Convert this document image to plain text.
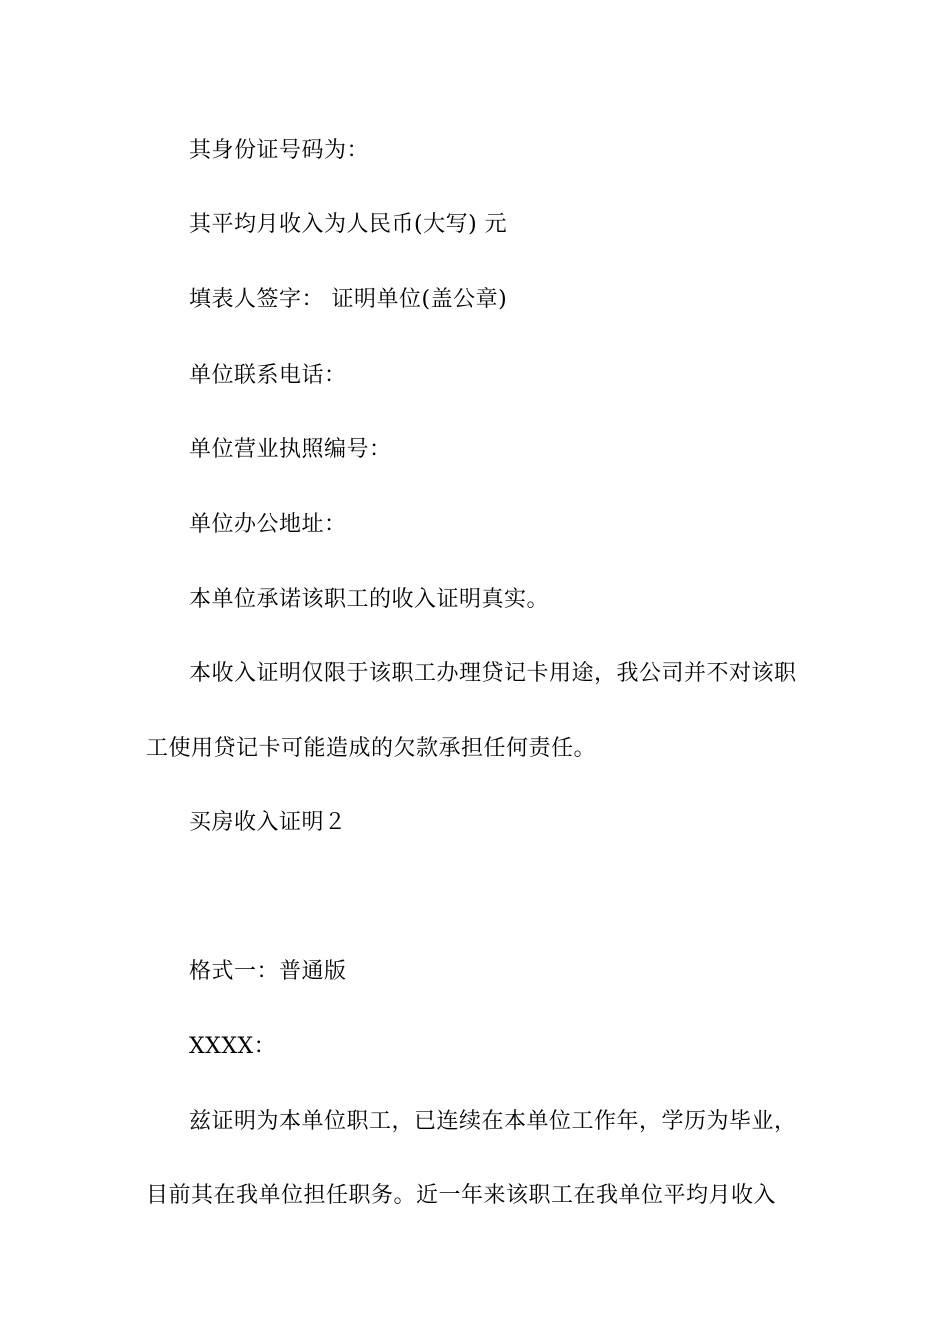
其身份证号码为：
其平均月收入为人民币(大写) 元
填表人签字： 证明单位(盖公章)
单位联系电话：
单位营业执照编号：
单位办公地址：
本单位承诺该职工的收入证明真实。
本收入证明仅限于该职工办理贷记卡用途，我公司并不对该职
工使用贷记卡可能造成的欠款承担任何责任。
买房收入证明２
格式一：普通版
XXXX：
兹证明为本单位职工，已连续在本单位工作年，学历为毕业，
目前其在我单位担任职务。近一年来该职工在我单位平均月收入
